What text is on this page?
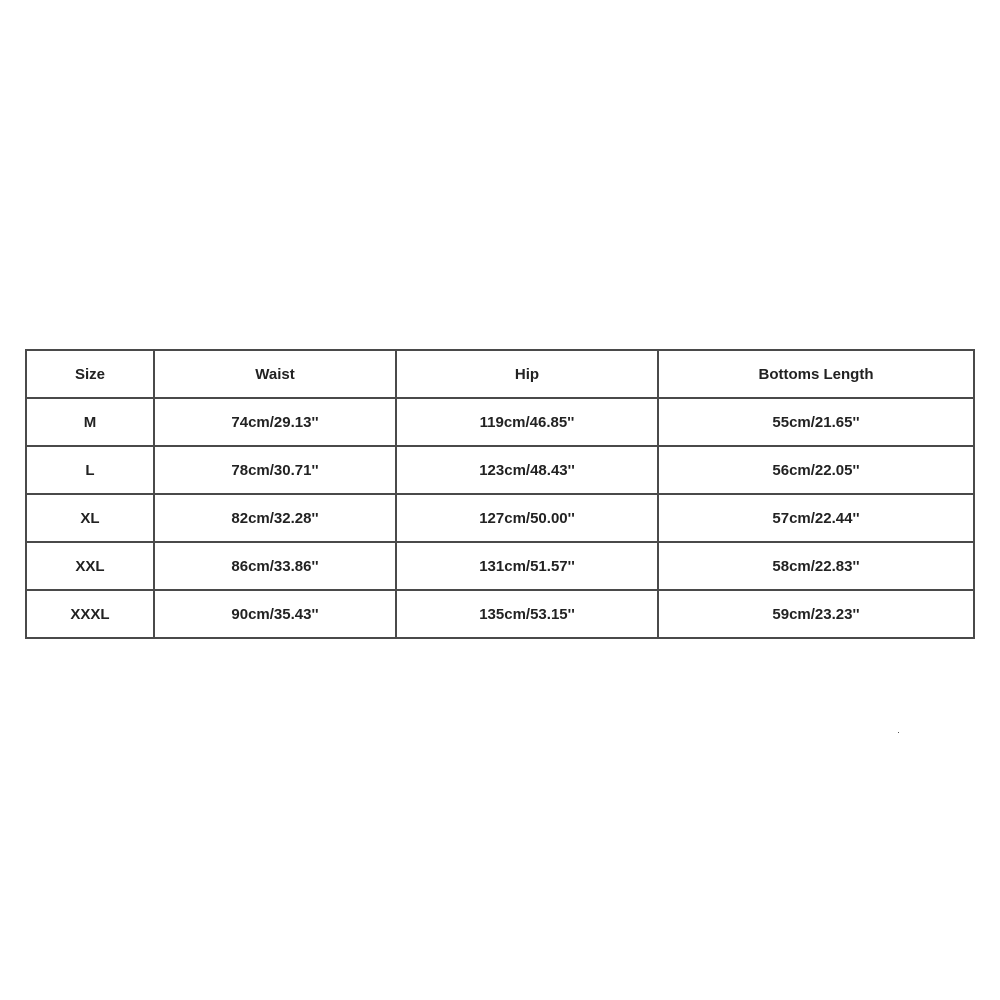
Size	Waist	Hip	Bottoms Length
M	74cm/29.13''	119cm/46.85''	55cm/21.65''
L	78cm/30.71''	123cm/48.43''	56cm/22.05''
XL	82cm/32.28''	127cm/50.00''	57cm/22.44''
XXL	86cm/33.86''	131cm/51.57''	58cm/22.83''
XXXL	90cm/35.43''	135cm/53.15''	59cm/23.23''
